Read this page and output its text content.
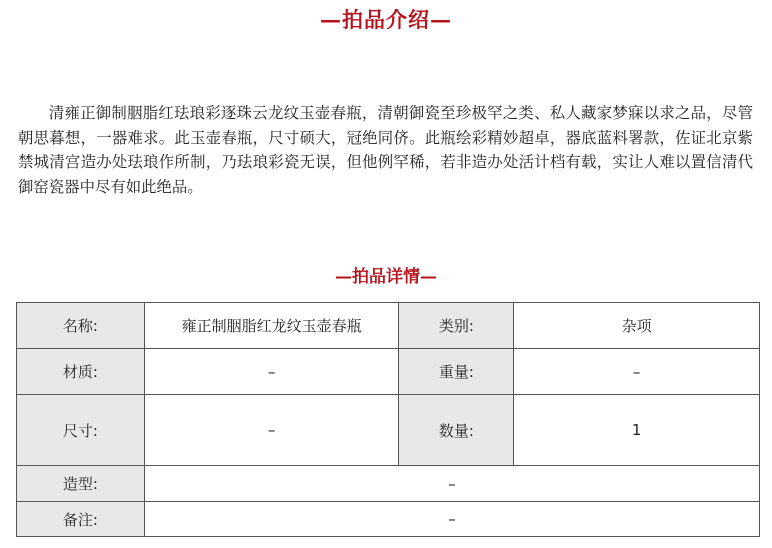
—拍品介绍—

清雍正御制胭脂红珐琅彩逐珠云龙纹玉壶春瓶，清朝御瓷至珍极罕之类、私人藏家梦寐以求之品，尽管朝思暮想，一器难求。此玉壶春瓶，尺寸硕大，冠绝同侪。此瓶绘彩精妙超卓，器底蓝料署款，佐证北京紫禁城清宫造办处珐琅作所制，乃珐琅彩瓷无误，但他例罕稀，若非造办处活计档有载，实让人难以置信清代御窑瓷器中尽有如此绝品。

—拍品详情—
名称:	雍正制胭脂红龙纹玉壶春瓶	类别:	杂项
材质:	–	重量:	–
尺寸:	–	数量:	1
造型:	–		
备注:	–		
